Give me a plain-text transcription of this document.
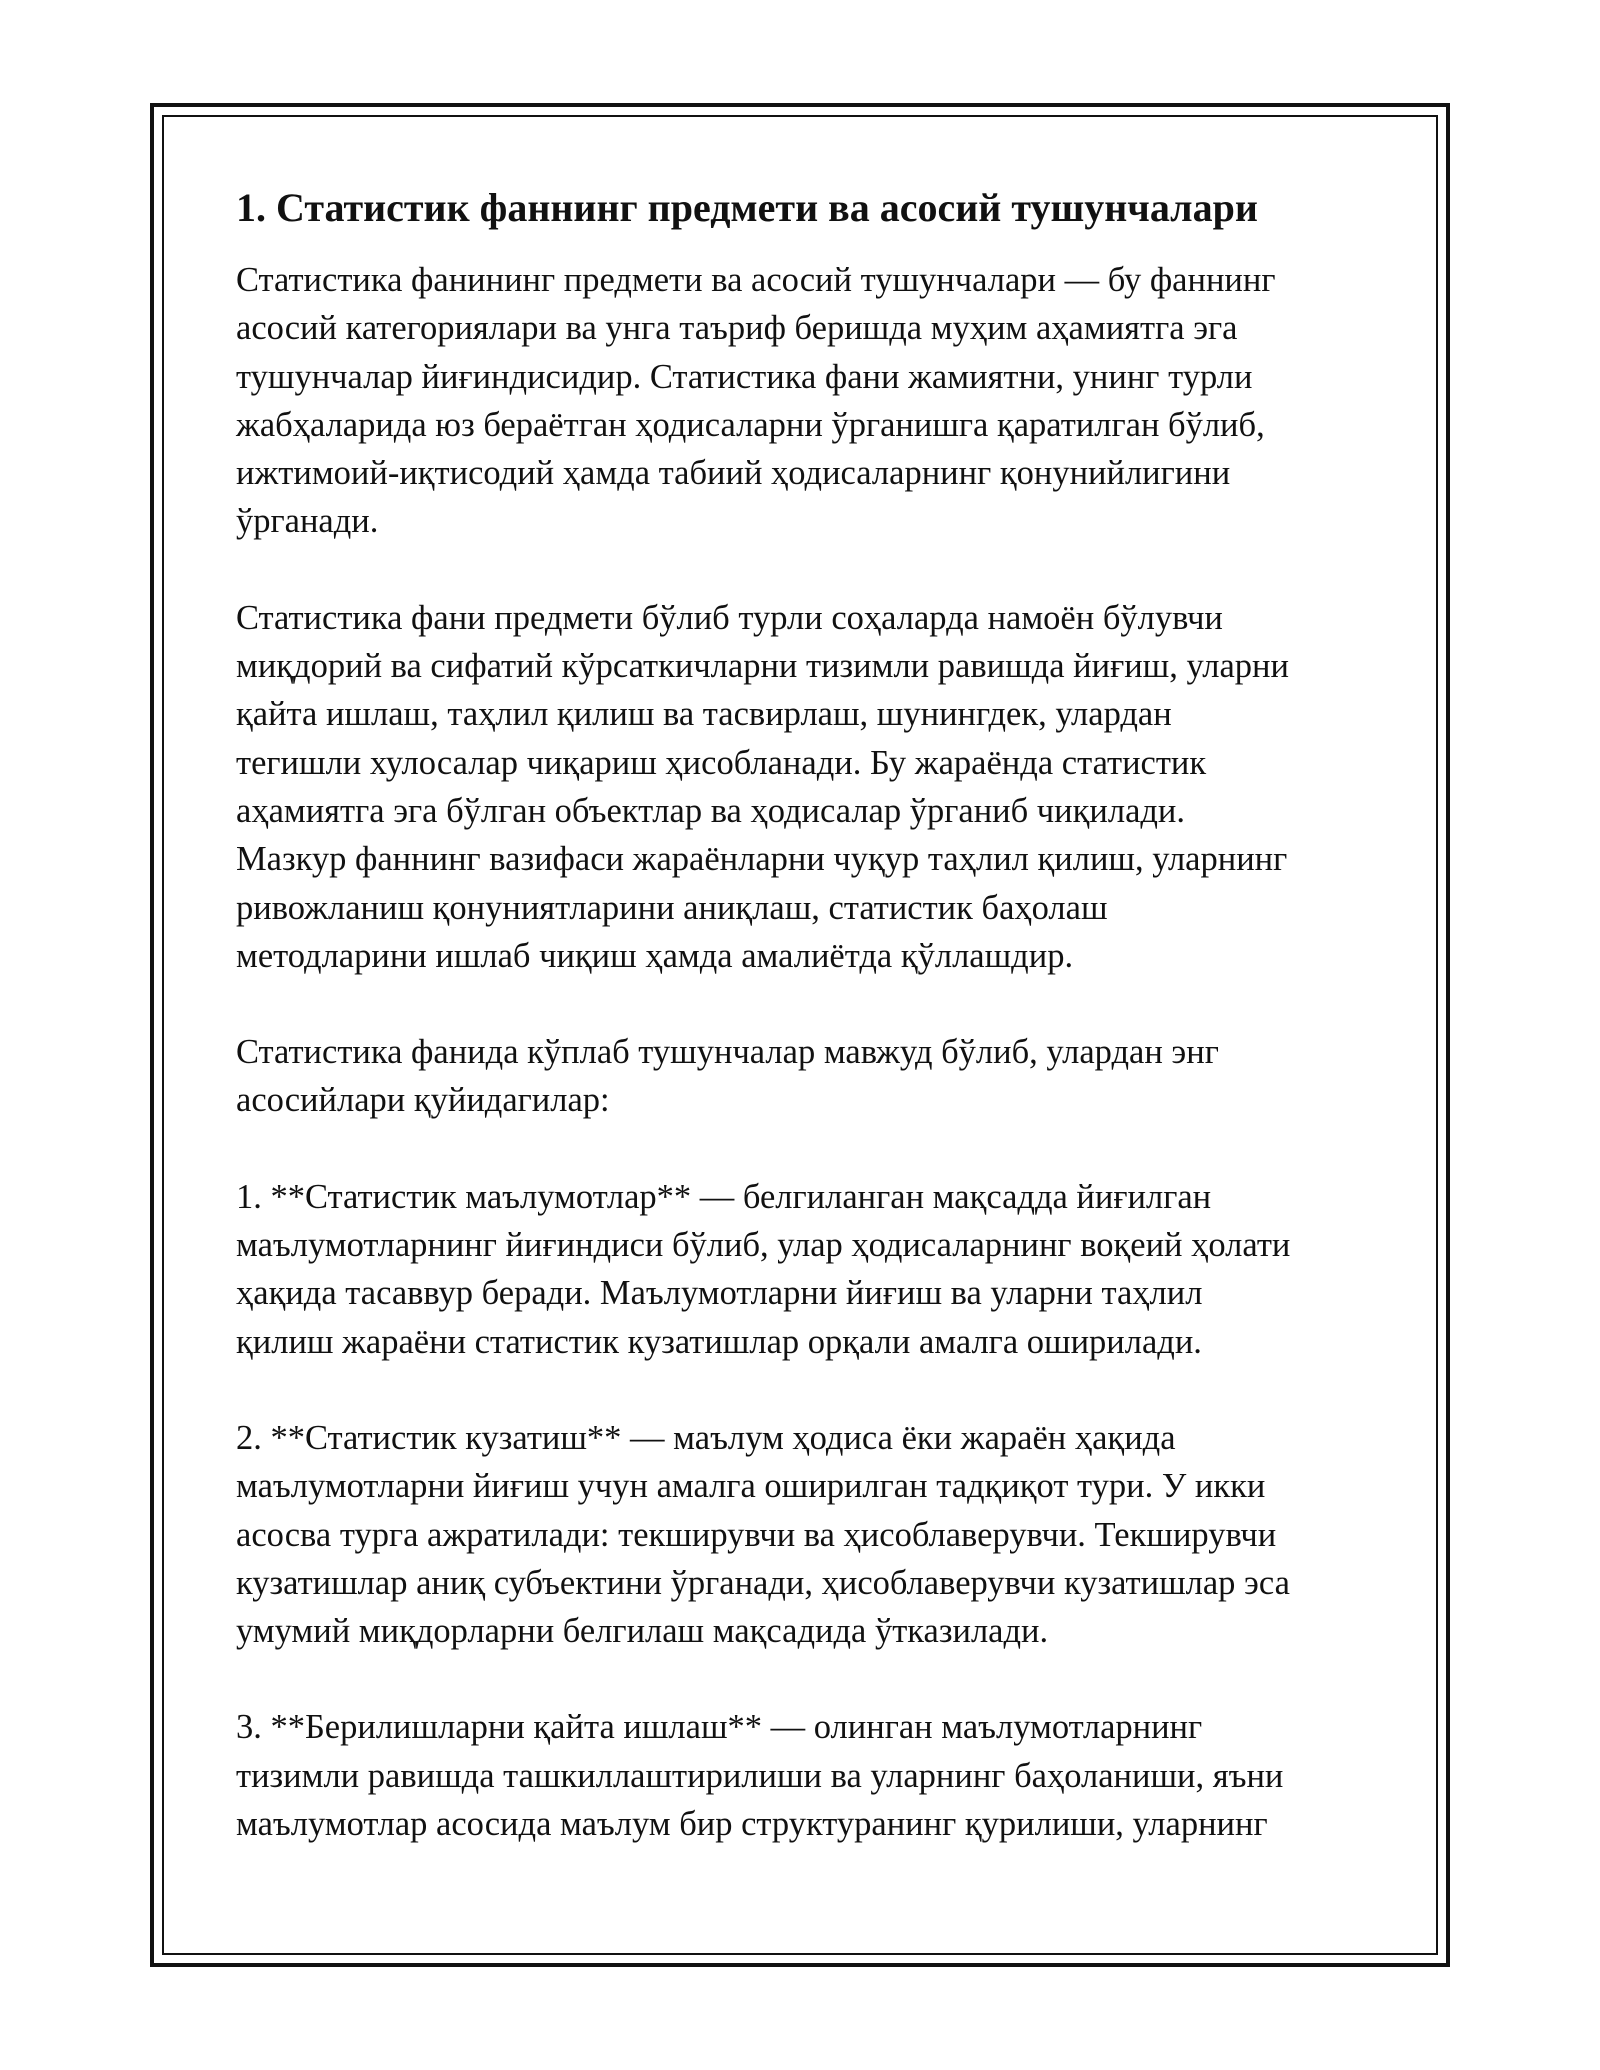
1. Статистик фаннинг предмети ва асосий тушунчалари

Статистика фанининг предмети ва асосий тушунчалари — бу фаннинг
асосий категориялари ва унга таъриф беришда муҳим аҳамиятга эга
тушунчалар йиғиндисидир. Статистика фани жамиятни, унинг турли
жабҳаларида юз бераётган ҳодисаларни ўрганишга қаратилган бўлиб,
ижтимоий-иқтисодий ҳамда табиий ҳодисаларнинг қонунийлигини
ўрганади.

Статистика фани предмети бўлиб турли соҳаларда намоён бўлувчи
миқдорий ва сифатий кўрсаткичларни тизимли равишда йиғиш, уларни
қайта ишлаш, таҳлил қилиш ва тасвирлаш, шунингдек, улардан
тегишли хулосалар чиқариш ҳисобланади. Бу жараёнда статистик
аҳамиятга эга бўлган объектлар ва ҳодисалар ўрганиб чиқилади.
Мазкур фаннинг вазифаси жараёнларни чуқур таҳлил қилиш, уларнинг
ривожланиш қонуниятларини аниқлаш, статистик баҳолаш
методларини ишлаб чиқиш ҳамда амалиётда қўллашдир.

Статистика фанида кўплаб тушунчалар мавжуд бўлиб, улардан энг
асосийлари қуйидагилар:

1. **Статистик маълумотлар** — белгиланган мақсадда йиғилган
маълумотларнинг йиғиндиси бўлиб, улар ҳодисаларнинг воқеий ҳолати
ҳақида тасаввур беради. Маълумотларни йиғиш ва уларни таҳлил
қилиш жараёни статистик кузатишлар орқали амалга оширилади.

2. **Статистик кузатиш** — маълум ҳодиса ёки жараён ҳақида
маълумотларни йиғиш учун амалга оширилган тадқиқот тури. У икки
асосва турга ажратилади: текширувчи ва ҳисоблаверувчи. Текширувчи
кузатишлар аниқ субъектини ўрганади, ҳисоблаверувчи кузатишлар эса
умумий миқдорларни белгилаш мақсадида ўтказилади.

3. **Берилишларни қайта ишлаш** — олинган маълумотларнинг
тизимли равишда ташкиллаштирилиши ва уларнинг баҳоланиши, яъни
маълумотлар асосида маълум бир структуранинг қурилиши, уларнинг
